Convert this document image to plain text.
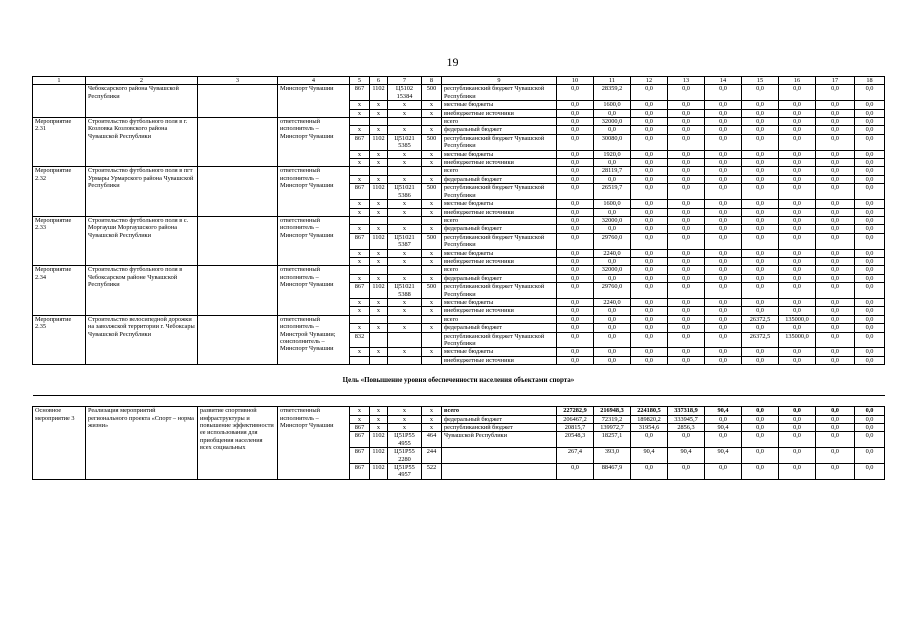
19
1	2	3	4	5	6	7	8	9	10	11	12	13	14	15	16	17	18
	Чебоксарского района Чувашской Республики		Минспорт Чувашии	867	1102	Ц5102 15384	500	республиканский бюджет Чувашской Республики	0,0	28359,2	0,0	0,0	0,0	0,0	0,0	0,0	0,0
				x	x	x	x	местные бюджеты	0,0	1600,0	0,0	0,0	0,0	0,0	0,0	0,0	0,0
				x	x	x	x	внебюджетные источники	0,0	0,0	0,0	0,0	0,0	0,0	0,0	0,0	0,0
Мероприятие 2.31	Строительство футбольного поля в г. Козловка Козловского района Чувашской Республики		ответственный исполнитель – Минспорт Чувашии					всего	0,0	32000,0	0,0	0,0	0,0	0,0	0,0	0,0	0,0
				x	x	x	x	федеральный бюджет	0,0	0,0	0,0	0,0	0,0	0,0	0,0	0,0	0,0
				867	1102	Ц51021 5385	500	республиканский бюджет Чувашской Республики	0,0	30080,0	0,0	0,0	0,0	0,0	0,0	0,0	0,0
				x	x	x	x	местные бюджеты	0,0	1920,0	0,0	0,0	0,0	0,0	0,0	0,0	0,0
				x	x	x	x	внебюджетные источники	0,0	0,0	0,0	0,0	0,0	0,0	0,0	0,0	0,0
Мероприятие 2.32	Строительство футбольного поля в пгт Урмары Урмарского района Чувашской Республики		ответственный исполнитель – Минспорт Чувашии					всего	0,0	28119,7	0,0	0,0	0,0	0,0	0,0	0,0	0,0
				x	x	x	x	федеральный бюджет	0,0	0,0	0,0	0,0	0,0	0,0	0,0	0,0	0,0
				867	1102	Ц51021 5386	500	республиканский бюджет Чувашской Республики	0,0	26519,7	0,0	0,0	0,0	0,0	0,0	0,0	0,0
				x	x	x	x	местные бюджеты	0,0	1600,0	0,0	0,0	0,0	0,0	0,0	0,0	0,0
				x	x	x	x	внебюджетные источники	0,0	0,0	0,0	0,0	0,0	0,0	0,0	0,0	0,0
Мероприятие 2.33	Строительство футбольного поля в с. Моргауши Моргаушского района Чувашской Республики		ответственный исполнитель – Минспорт Чувашии					всего	0,0	32000,0	0,0	0,0	0,0	0,0	0,0	0,0	0,0
				x	x	x	x	федеральный бюджет	0,0	0,0	0,0	0,0	0,0	0,0	0,0	0,0	0,0
				867	1102	Ц51021 5387	500	республиканский бюджет Чувашской Республики	0,0	29760,0	0,0	0,0	0,0	0,0	0,0	0,0	0,0
				x	x	x	x	местные бюджеты	0,0	2240,0	0,0	0,0	0,0	0,0	0,0	0,0	0,0
				x	x	x	x	внебюджетные источники	0,0	0,0	0,0	0,0	0,0	0,0	0,0	0,0	0,0
Мероприятие 2.34	Строительство футбольного поля в Чебоксарском районе Чувашской Республики		ответственный исполнитель – Минспорт Чувашии					всего	0,0	32000,0	0,0	0,0	0,0	0,0	0,0	0,0	0,0
				x	x	x	x	федеральный бюджет	0,0	0,0	0,0	0,0	0,0	0,0	0,0	0,0	0,0
				867	1102	Ц51021 5388	500	республиканский бюджет Чувашской Республики	0,0	29760,0	0,0	0,0	0,0	0,0	0,0	0,0	0,0
				x	x	x	x	местные бюджеты	0,0	2240,0	0,0	0,0	0,0	0,0	0,0	0,0	0,0
				x	x	x	x	внебюджетные источники	0,0	0,0	0,0	0,0	0,0	0,0	0,0	0,0	0,0
Мероприятие 2.35	Строительство велосипедной дорожки на заволжской территории г. Чебоксары Чувашской Республики		ответственный исполнитель – Минстрой Чувашии; соисполнитель – Минспорт Чувашии					всего	0,0	0,0	0,0	0,0	0,0	26372,5	135000,0	0,0	0,0
				x	x	x	x	федеральный бюджет	0,0	0,0	0,0	0,0	0,0	0,0	0,0	0,0	0,0
				832				республиканский бюджет Чувашской Республики	0,0	0,0	0,0	0,0	0,0	26372,5	135000,0	0,0	0,0
				x	x	x	x	местные бюджеты	0,0	0,0	0,0	0,0	0,0	0,0	0,0	0,0	0,0
								внебюджетные источники	0,0	0,0	0,0	0,0	0,0	0,0	0,0	0,0	0,0
Цель «Повышение уровня обеспеченности населения объектами спорта»																	

Основное мероприятие 3	Реализация мероприятий регионального проекта «Спорт – норма жизни»	развитие спортивной инфраструктуры и повышение эффективности ее использования для приобщения населения всех социальных	ответственный исполнитель – Минспорт Чувашии	x	x	x	x	всего	227282,9	216948,3	224180,5	337318,9	90,4	0,0	0,0	0,0	0,0
				x	x	x	x	федеральный бюджет	206467,2	72319,2	189820,2	333945,7	0,0	0,0	0,0	0,0	0,0
				867	x	x	x	республиканский бюджет	20815,7	139972,7	31954,6	2856,3	90,4	0,0	0,0	0,0	0,0
				867	1102	Ц51Р55 4955	464	Чувашской Республики	20548,3	18257,1	0,0	0,0	0,0	0,0	0,0	0,0	0,0
				867	1102	Ц51Р55 2280	244		267,4	393,0	90,4	90,4	90,4	0,0	0,0	0,0	0,0
				867	1102	Ц51Р55 4957	522		0,0	88467,9	0,0	0,0	0,0	0,0	0,0	0,0	0,0
